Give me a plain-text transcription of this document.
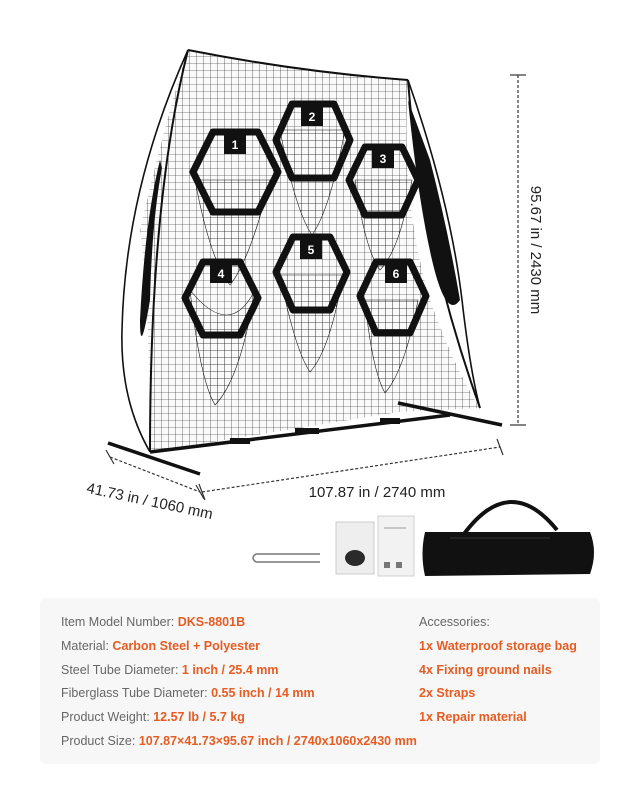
1
2
3
4
5
6	95.67 in / 2430 mm
107.87 in / 2740 mm
41.73 in / 1060 mm
Item Model Number: DKS-8801B
Material: Carbon Steel + Polyester
Steel Tube Diameter: 1 inch / 25.4 mm
Fiberglass Tube Diameter: 0.55 inch / 14 mm
Product Weight: 12.57 lb / 5.7 kg
Product Size: 107.87×41.73×95.67 inch / 2740x1060x2430 mm
Accessories:
1x Waterproof storage bag
4x Fixing ground nails
2x Straps
1x Repair material
